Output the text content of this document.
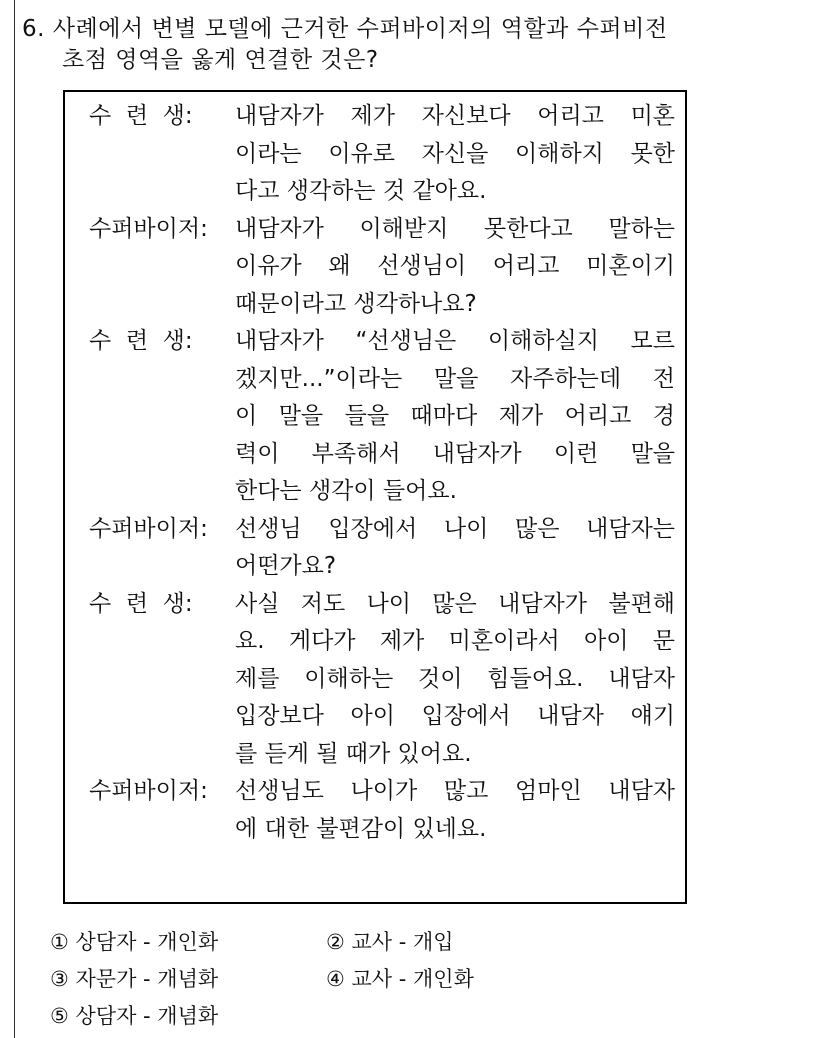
6. 사례에서 변별 모델에 근거한 수퍼바이저의 역할과 수퍼비전
초점 영역을 옳게 연결한 것은?
수  련  생:	내담자가 제가 자신보다 어리고 미혼
이라는 이유로 자신을 이해하지 못한
다고 생각하는 것 같아요.
수퍼바이저:	내담자가 이해받지 못한다고 말하는
이유가 왜 선생님이 어리고 미혼이기
때문이라고 생각하나요?
수  련  생:	내담자가 “선생님은 이해하실지 모르
겠지만...”이라는 말을 자주하는데 전
이 말을 들을 때마다 제가 어리고 경
력이 부족해서 내담자가 이런 말을
한다는 생각이 들어요.
수퍼바이저:	선생님 입장에서 나이 많은 내담자는
어떤가요?
수  련  생:	사실 저도 나이 많은 내담자가 불편해
요. 게다가 제가 미혼이라서 아이 문
제를 이해하는 것이 힘들어요. 내담자
입장보다 아이 입장에서 내담자 얘기
를 듣게 될 때가 있어요.
수퍼바이저:	선생님도 나이가 많고 엄마인 내담자
에 대한 불편감이 있네요.
① 상담자 - 개인화	② 교사 - 개입
③ 자문가 - 개념화	④ 교사 - 개인화
⑤ 상담자 - 개념화
